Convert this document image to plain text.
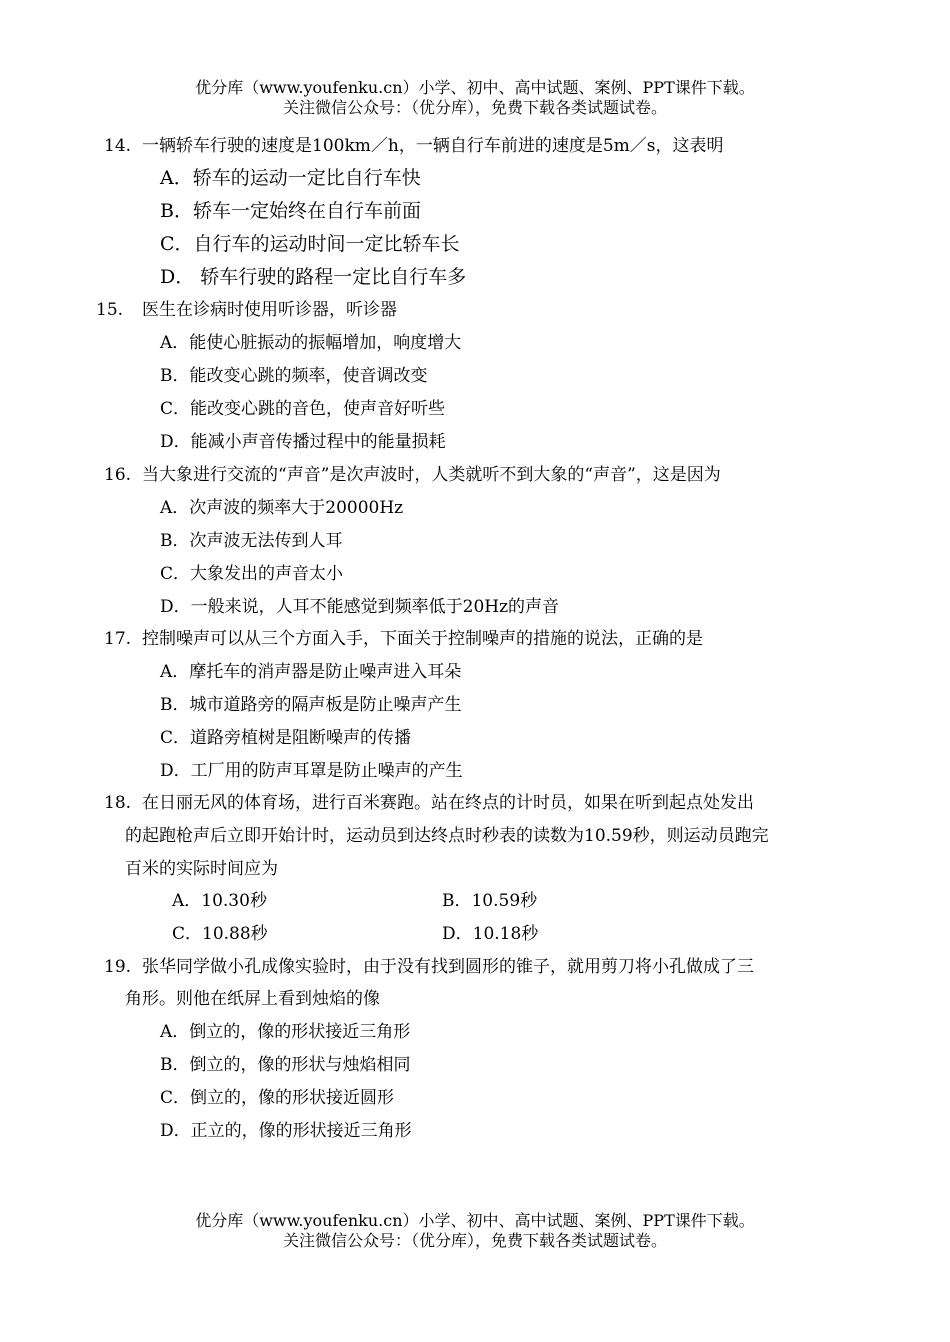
优分库（www.youfenku.cn）小学、初中、高中试题、案例、PPT课件下载。
关注微信公众号：（优分库），免费下载各类试题试卷。
14. 一辆轿车行驶的速度是100km／h，一辆自行车前进的速度是5m／s，这表明
A．轿车的运动一定比自行车快
B．轿车一定始终在自行车前面
C．自行车的运动时间一定比轿车长
D． 轿车行驶的路程一定比自行车多
15. 医生在诊病时使用听诊器，听诊器
A．能使心脏振动的振幅增加，响度增大
B．能改变心跳的频率，使音调改变
C．能改变心跳的音色，使声音好听些
D．能减小声音传播过程中的能量损耗
16. 当大象进行交流的“声音”是次声波时，人类就听不到大象的“声音”，这是因为
A．次声波的频率大于20000Hz
B．次声波无法传到人耳
C．大象发出的声音太小
D．一般来说，人耳不能感觉到频率低于20Hz的声音
17. 控制噪声可以从三个方面入手，下面关于控制噪声的措施的说法，正确的是
A．摩托车的消声器是防止噪声进入耳朵
B．城市道路旁的隔声板是防止噪声产生
C．道路旁植树是阻断噪声的传播
D．工厂用的防声耳罩是防止噪声的产生
18. 在日丽无风的体育场，进行百米赛跑。站在终点的计时员，如果在听到起点处发出
的起跑枪声后立即开始计时，运动员到达终点时秒表的读数为10.59秒，则运动员跑完
百米的实际时间应为
A．10.30秒	B．10.59秒
C．10.88秒	D．10.18秒
19. 张华同学做小孔成像实验时，由于没有找到圆形的锥子，就用剪刀将小孔做成了三
角形。则他在纸屏上看到烛焰的像
A．倒立的，像的形状接近三角形
B．倒立的，像的形状与烛焰相同
C．倒立的，像的形状接近圆形
D．正立的，像的形状接近三角形
优分库（www.youfenku.cn）小学、初中、高中试题、案例、PPT课件下载。
关注微信公众号：（优分库），免费下载各类试题试卷。
